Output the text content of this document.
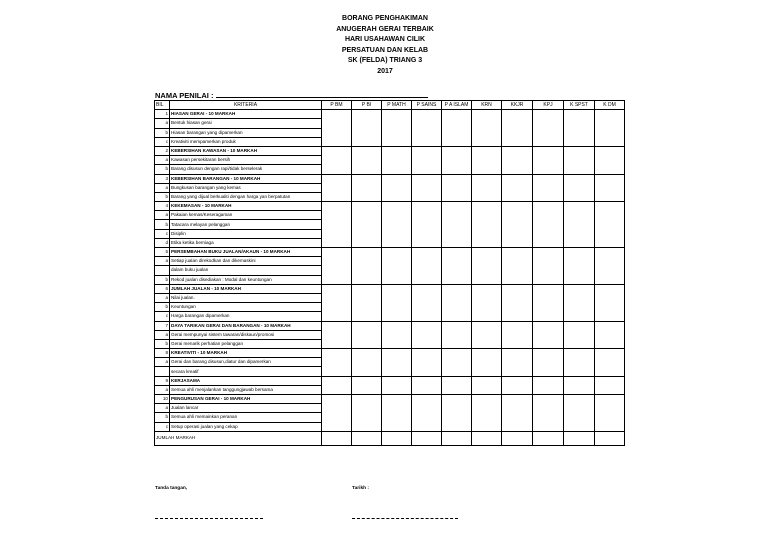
BORANG PENGHAKIMAN
ANUGERAH GERAI TERBAIK
HARI USAHAWAN CILIK
PERSATUAN DAN KELAB
SK (FELDA) TRIANG 3
2017
NAMA PENILAI :
BIL	KRITERIA	P BM	P BI	P MATH	P SAINS	P A ISLAM	KRN	KKJR	KPJ	K SPST	K DM
1	HIASAN GERAI - 10 MARKAH										
a	Bentuk hiasan gerai										
b	Hiasan barangan yang dipamerkan										
c	Kreativiti mempamerkan produk										
2	KEBERSIHAN KAWASAN - 10 MARKAH										
a	Kawasan persekitaran bersih										
b	Barang disusun dengan rapi/tidak berselerak										
3	KEBERSIHAN BARANGAN - 10 MARKAH										
a	Bungkusan barangan yang kemas										
b	Barang yang dijual berkualiti dengan harga yan berpatutan										
4	KEKEMASAN - 10 MARKAH										
a	Pakaian kemas/Keseragaman										
b	Tatacara melayan pelanggan										
c	Disiplin										
d	Etika ketika berniaga										
5	PERSEMBAHAN BUKU JUALAN/AKAUN - 10 MARKAH										
a	Setiap jualan direkodkan dan dikemaskini										
	dalam buku jualan										
b	Rekod jualan disediakan : Modal dan keuntungan										
6	JUMLAH JUALAN - 10 MARKAH										
a	Nilai jualan.										
b	Keuntungan										
c	Harga barangan dipamerkan										
7	DAYA TARIKAN GERAI DAN BARANGAN - 10 MARKAH										
a	Gerai mempunyai sistem tawaran/diskaun/promosi										
b	Gerai menarik perhatian pelanggan										
8	KREATIVITI - 10 MARKAH										
a	Gerai dan barang disusun,diatur dan dipamerkan										
	secara kreatif										
9	KERJASAMA										
a	Semua ahli menjalankan tanggungjawab bersama										
10	PENGURUSAN GERAI - 10 MARKAH										
a	Jualan lancar										
b	Semua ahli memainkan peranan										
c	Setup operasi jualan yang cekap										
JUMLAH MARKAH											
Tanda tangan,	Tarikh :
